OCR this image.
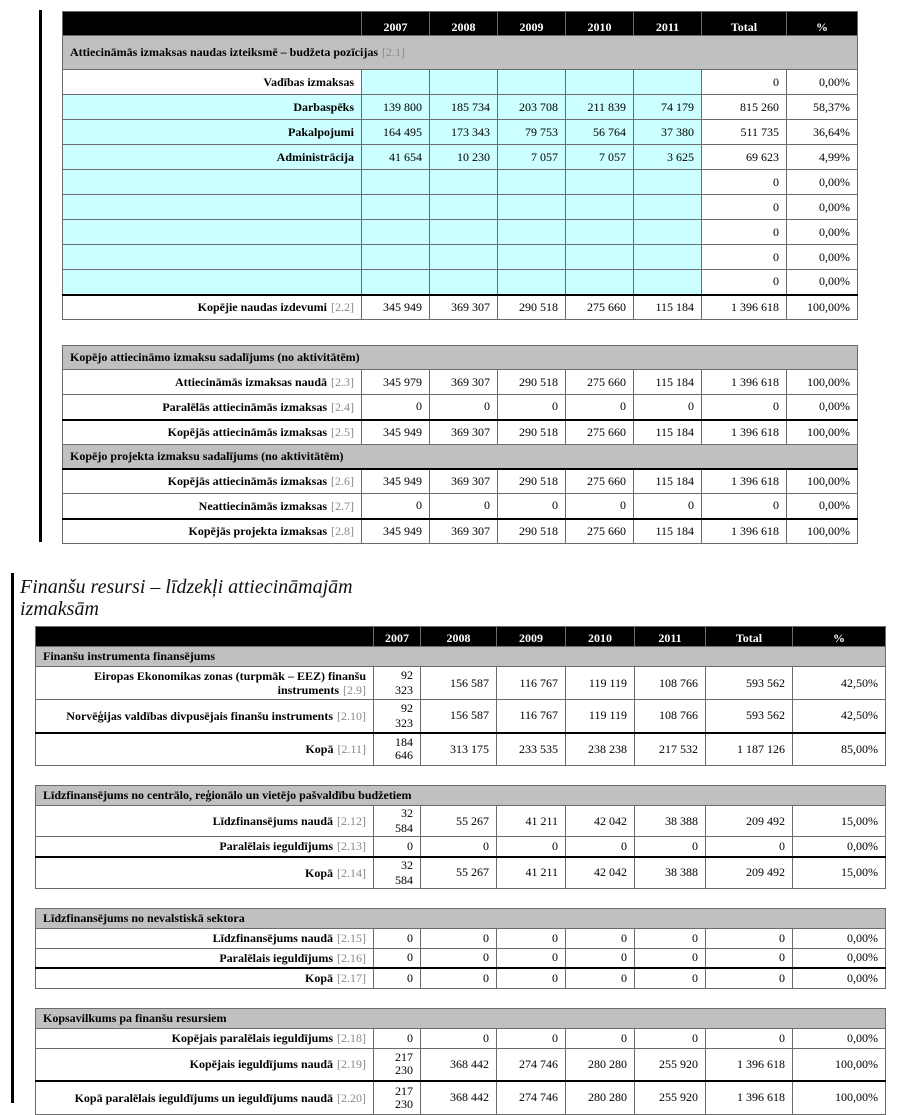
	2007	2008	2009	2010	2011	Total	%
Attiecināmās izmaksas naudas izteiksmē – budžeta pozīcijas [2.1]							
Vadības izmaksas						0	0,00%
Darbaspēks	139 800	185 734	203 708	211 839	74 179	815 260	58,37%
Pakalpojumi	164 495	173 343	79 753	56 764	37 380	511 735	36,64%
Administrācija	41 654	10 230	7 057	7 057	3 625	69 623	4,99%
						0	0,00%
						0	0,00%
						0	0,00%
						0	0,00%
						0	0,00%
Kopējie naudas izdevumi [2.2]	345 949	369 307	290 518	275 660	115 184	1 396 618	100,00%

Kopējo attiecināmo izmaksu sadalījums (no aktivitātēm)							
Attiecināmās izmaksas naudā [2.3]	345 979	369 307	290 518	275 660	115 184	1 396 618	100,00%
Paralēlās attiecināmās izmaksas [2.4]	0	0	0	0	0	0	0,00%
Kopējās attiecināmās izmaksas [2.5]	345 949	369 307	290 518	275 660	115 184	1 396 618	100,00%
Kopējo projekta izmaksu sadalījums (no aktivitātēm)							
Kopējās attiecināmās izmaksas [2.6]	345 949	369 307	290 518	275 660	115 184	1 396 618	100,00%
Neattiecināmās izmaksas [2.7]	0	0	0	0	0	0	0,00%
Kopējās projekta izmaksas [2.8]	345 949	369 307	290 518	275 660	115 184	1 396 618	100,00%
Finanšu resursi – līdzekļi attiecināmajām izmaksām
	2007	2008	2009	2010	2011	Total	%
Finanšu instrumenta finansējums							
Eiropas Ekonomikas zonas (turpmāk – EEZ) finanšu instruments [2.9]	92 323	156 587	116 767	119 119	108 766	593 562	42,50%
Norvēģijas valdības divpusējais finanšu instruments [2.10]	92 323	156 587	116 767	119 119	108 766	593 562	42,50%
Kopā [2.11]	184 646	313 175	233 535	238 238	217 532	1 187 126	85,00%

Līdzfinansējums no centrālo, reģionālo un vietējo pašvaldību budžetiem							
Līdzfinansējums naudā [2.12]	32 584	55 267	41 211	42 042	38 388	209 492	15,00%
Paralēlais ieguldījums [2.13]	0	0	0	0	0	0	0,00%
Kopā [2.14]	32 584	55 267	41 211	42 042	38 388	209 492	15,00%

Līdzfinansējums no nevalstiskā sektora							
Līdzfinansējums naudā [2.15]	0	0	0	0	0	0	0,00%
Paralēlais ieguldījums [2.16]	0	0	0	0	0	0	0,00%
Kopā [2.17]	0	0	0	0	0	0	0,00%

Kopsavilkums pa finanšu resursiem							
Kopējais paralēlais ieguldījums [2.18]	0	0	0	0	0	0	0,00%
Kopējais ieguldījums naudā [2.19]	217 230	368 442	274 746	280 280	255 920	1 396 618	100,00%
Kopā paralēlais ieguldījums un ieguldījums naudā [2.20]	217 230	368 442	274 746	280 280	255 920	1 396 618	100,00%
